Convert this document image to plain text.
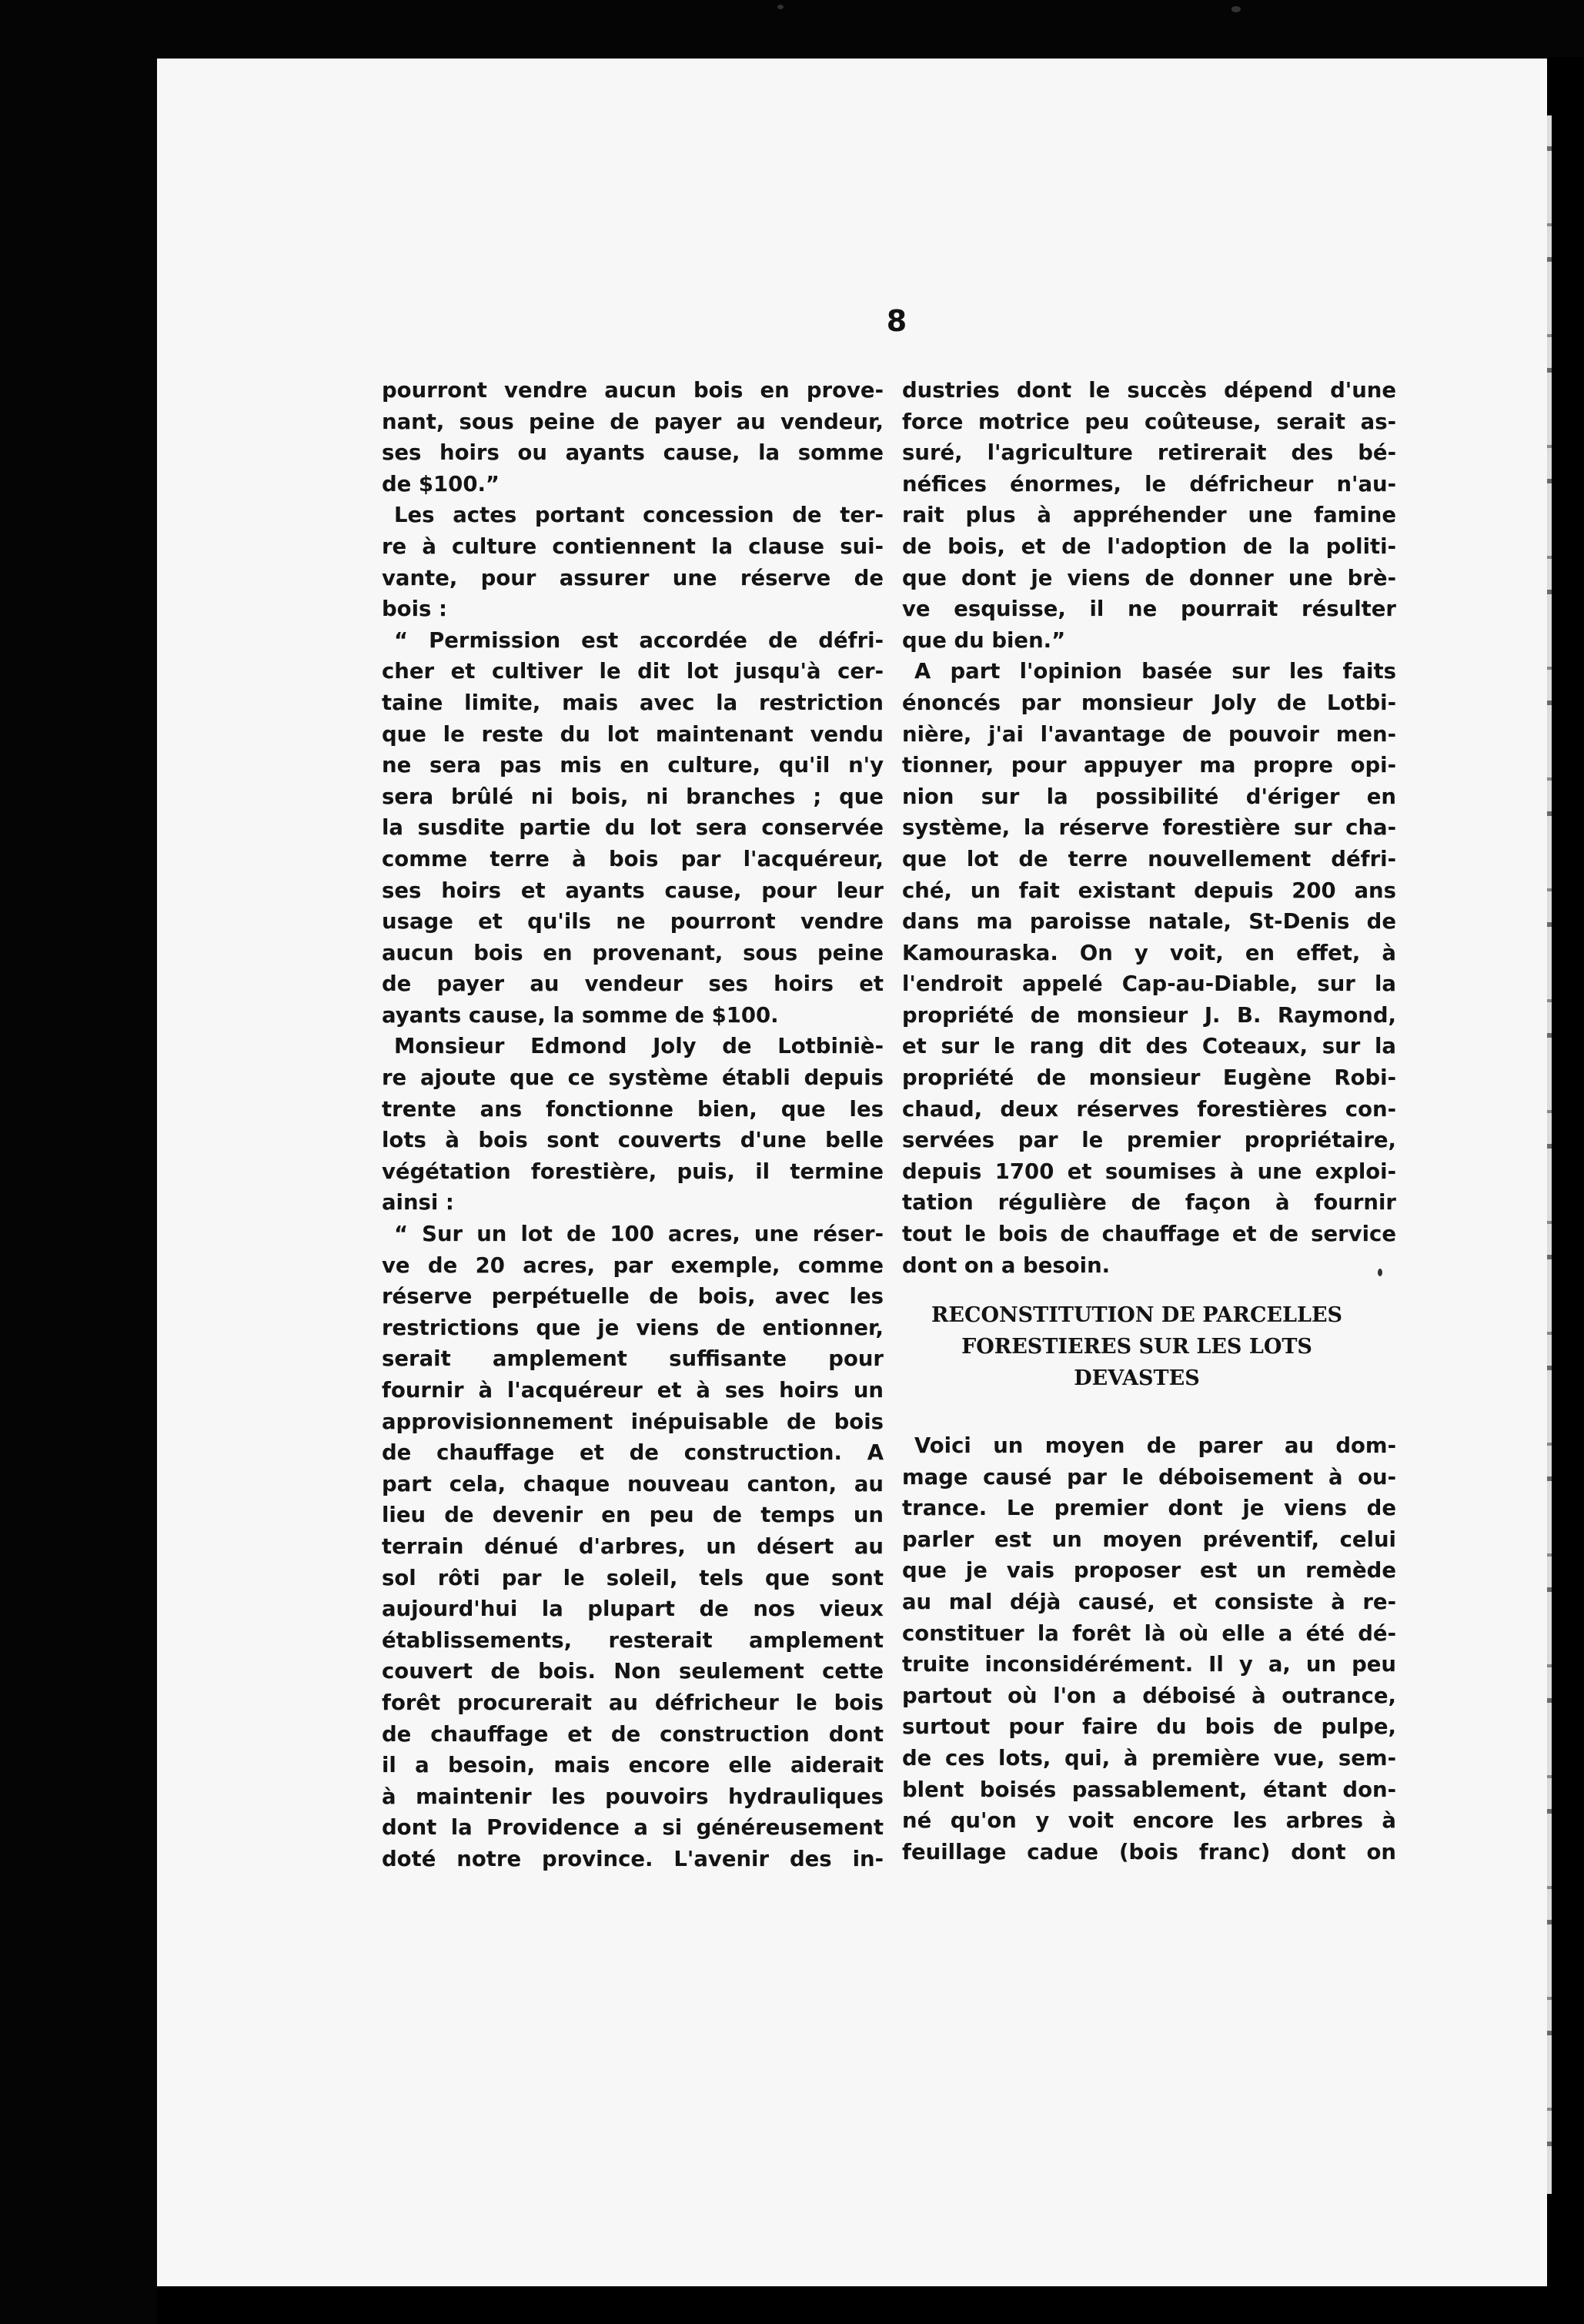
8
pourront vendre aucun bois en prove-
nant, sous peine de payer au vendeur,
ses hoirs ou ayants cause, la somme
de $100.”
Les actes portant concession de ter-
re à culture contiennent la clause sui-
vante, pour assurer une réserve de
bois :
“ Permission est accordée de défri-
cher et cultiver le dit lot jusqu'à cer-
taine limite, mais avec la restriction
que le reste du lot maintenant vendu
ne sera pas mis en culture, qu'il n'y
sera brûlé ni bois, ni branches ; que
la susdite partie du lot sera conservée
comme terre à bois par l'acquéreur,
ses hoirs et ayants cause, pour leur
usage et qu'ils ne pourront vendre
aucun bois en provenant, sous peine
de payer au vendeur ses hoirs et
ayants cause, la somme de $100.
Monsieur Edmond Joly de Lotbiniè-
re ajoute que ce système établi depuis
trente ans fonctionne bien, que les
lots à bois sont couverts d'une belle
végétation forestière, puis, il termine
ainsi :
“ Sur un lot de 100 acres, une réser-
ve de 20 acres, par exemple, comme
réserve perpétuelle de bois, avec les
restrictions que je viens de entionner,
serait amplement suffisante pour
fournir à l'acquéreur et à ses hoirs un
approvisionnement inépuisable de bois
de chauffage et de construction. A
part cela, chaque nouveau canton, au
lieu de devenir en peu de temps un
terrain dénué d'arbres, un désert au
sol rôti par le soleil, tels que sont
aujourd'hui la plupart de nos vieux
établissements, resterait amplement
couvert de bois. Non seulement cette
forêt procurerait au défricheur le bois
de chauffage et de construction dont
il a besoin, mais encore elle aiderait
à maintenir les pouvoirs hydrauliques
dont la Providence a si généreusement
doté notre province. L'avenir des in-
dustries dont le succès dépend d'une
force motrice peu coûteuse, serait as-
suré, l'agriculture retirerait des bé-
néfices énormes, le défricheur n'au-
rait plus à appréhender une famine
de bois, et de l'adoption de la politi-
que dont je viens de donner une brè-
ve esquisse, il ne pourrait résulter
que du bien.”
A part l'opinion basée sur les faits
énoncés par monsieur Joly de Lotbi-
nière, j'ai l'avantage de pouvoir men-
tionner, pour appuyer ma propre opi-
nion sur la possibilité d'ériger en
système, la réserve forestière sur cha-
que lot de terre nouvellement défri-
ché, un fait existant depuis 200 ans
dans ma paroisse natale, St-Denis de
Kamouraska. On y voit, en effet, à
l'endroit appelé Cap-au-Diable, sur la
propriété de monsieur J. B. Raymond,
et sur le rang dit des Coteaux, sur la
propriété de monsieur Eugène Robi-
chaud, deux réserves forestières con-
servées par le premier propriétaire,
depuis 1700 et soumises à une exploi-
tation régulière de façon à fournir
tout le bois de chauffage et de service
dont on a besoin.
RECONSTITUTION DE PARCELLES
FORESTIERES SUR LES LOTS
DEVASTES
Voici un moyen de parer au dom-
mage causé par le déboisement à ou-
trance. Le premier dont je viens de
parler est un moyen préventif, celui
que je vais proposer est un remède
au mal déjà causé, et consiste à re-
constituer la forêt là où elle a été dé-
truite inconsidérément. Il y a, un peu
partout où l'on a déboisé à outrance,
surtout pour faire du bois de pulpe,
de ces lots, qui, à première vue, sem-
blent boisés passablement, étant don-
né qu'on y voit encore les arbres à
feuillage cadue (bois franc) dont on
